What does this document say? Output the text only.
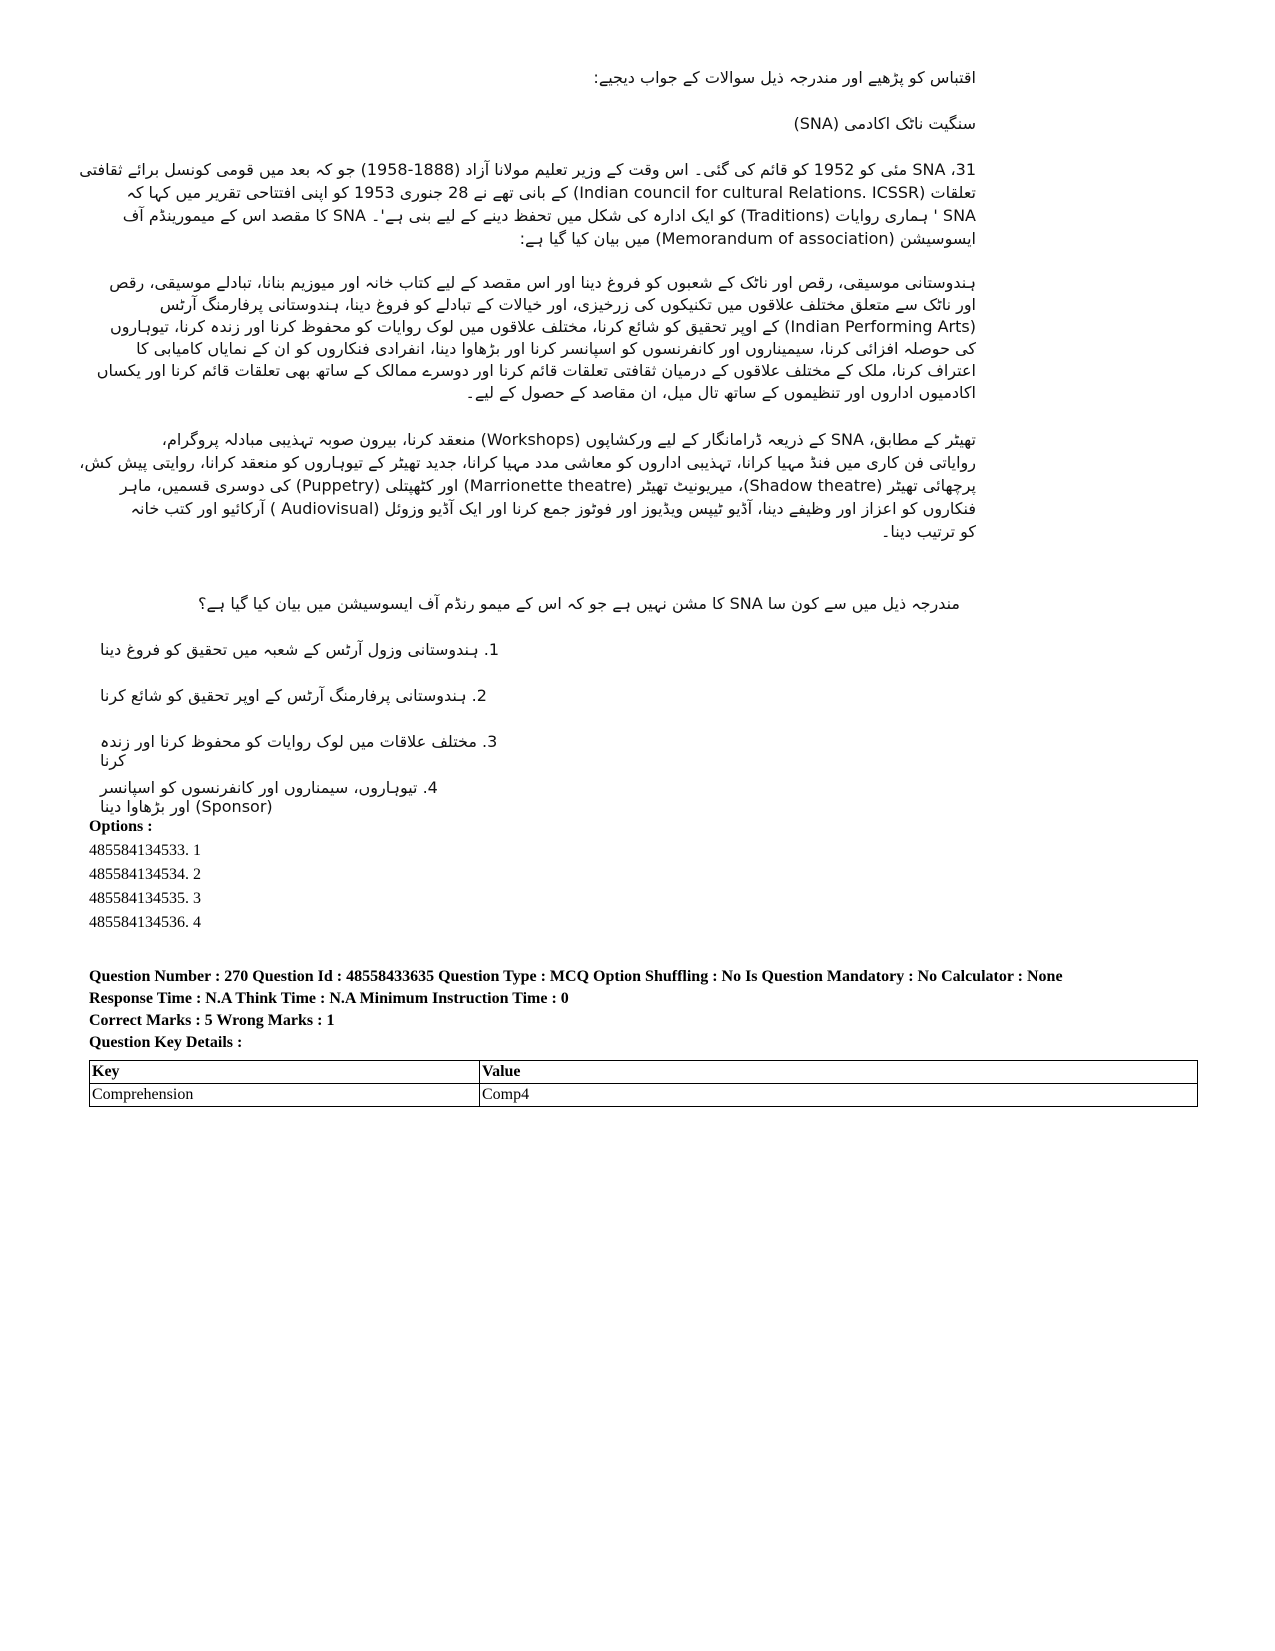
اقتباس کو پڑھیے اور مندرجہ ذیل سوالات کے جواب دیجیے:
سنگیت ناٹک اکادمی (SNA)
SNA ،31 مئی کو 1952 کو قائم کی گئی۔ اس وقت کے وزیر تعلیم مولانا آزاد (1888-1958) جو کہ بعد میں قومی کونسل برائے ثقافتی
تعلقات (Indian council for cultural Relations. ICSSR) کے بانی تھے نے 28 جنوری 1953 کو اپنی افتتاحی تقریر میں کہا کہ
SNA ' ہماری روایات (Traditions) کو ایک ادارہ کی شکل میں تحفظ دینے کے لیے بنی ہے'۔ SNA کا مقصد اس کے میمورینڈم آف
ایسوسیشن (Memorandum of association) میں بیان کیا گیا ہے:
ہندوستانی موسیقی، رقص اور ناٹک کے شعبوں کو فروغ دینا اور اس مقصد کے لیے کتاب خانہ اور میوزیم بنانا، تبادلے موسیقی، رقص
اور ناٹک سے متعلق مختلف علاقوں میں تکنیکوں کی زرخیزی، اور خیالات کے تبادلے کو فروغ دینا، ہندوستانی پرفارمنگ آرٹس
(Indian Performing Arts) کے اوپر تحقیق کو شائع کرنا، مختلف علاقوں میں لوک روایات کو محفوظ کرنا اور زندہ کرنا، تیوہاروں
کی حوصلہ افزائی کرنا، سیمیناروں اور کانفرنسوں کو اسپانسر کرنا اور بڑھاوا دینا، انفرادی فنکاروں کو ان کے نمایاں کامیابی کا
اعتراف کرنا، ملک کے مختلف علاقوں کے درمیان ثقافتی تعلقات قائم کرنا اور دوسرے ممالک کے ساتھ بھی تعلقات قائم کرنا اور یکساں
اکادمیوں اداروں اور تنظیموں کے ساتھ تال میل، ان مقاصد کے حصول کے لیے۔
تھیٹر کے مطابق، SNA کے ذریعہ ڈرامانگار کے لیے ورکشاپوں (Workshops) منعقد کرنا، بیرون صوبہ تہذیبی مبادلہ پروگرام،
روایاتی فن کاری میں فنڈ مہیا کرانا، تہذیبی اداروں کو معاشی مدد مہیا کرانا، جدید تھیٹر کے تیوہاروں کو منعقد کرانا، روایتی پیش کش،
پرچھائی تھیٹر (Shadow theatre)، میریونیٹ تھیٹر (Marrionette theatre) اور کٹھپتلی (Puppetry) کی دوسری قسمیں، ماہر
فنکاروں کو اعزاز اور وظیفے دینا، آڈیو ٹیپس ویڈیوز اور فوٹوز جمع کرنا اور ایک آڈیو وزوئل (Audiovisual ) آرکائیو اور کتب خانہ
کو ترتیب دینا۔
مندرجہ ذیل میں سے کون سا SNA کا مشن نہیں ہے جو کہ اس کے میمو رنڈم آف ایسوسیشن میں بیان کیا گیا ہے؟
1. ہندوستانی وزول آرٹس کے شعبہ میں تحقیق کو فروغ دینا
2. ہندوستانی پرفارمنگ آرٹس کے اوپر تحقیق کو شائع کرنا
3. مختلف علاقات میں لوک روایات کو محفوظ کرنا اور زندہ کرنا
4. تیوہاروں، سیمناروں اور کانفرنسوں کو اسپانسر (Sponsor) اور بڑھاوا دینا
Options :
485584134533. 1
485584134534. 2
485584134535. 3
485584134536. 4
Question Number : 270 Question Id : 48558433635 Question Type : MCQ Option Shuffling : No Is Question Mandatory : No Calculator : None
Response Time : N.A Think Time : N.A Minimum Instruction Time : 0
Correct Marks : 5 Wrong Marks : 1
Question Key Details :
Key	Value
Comprehension	Comp4
